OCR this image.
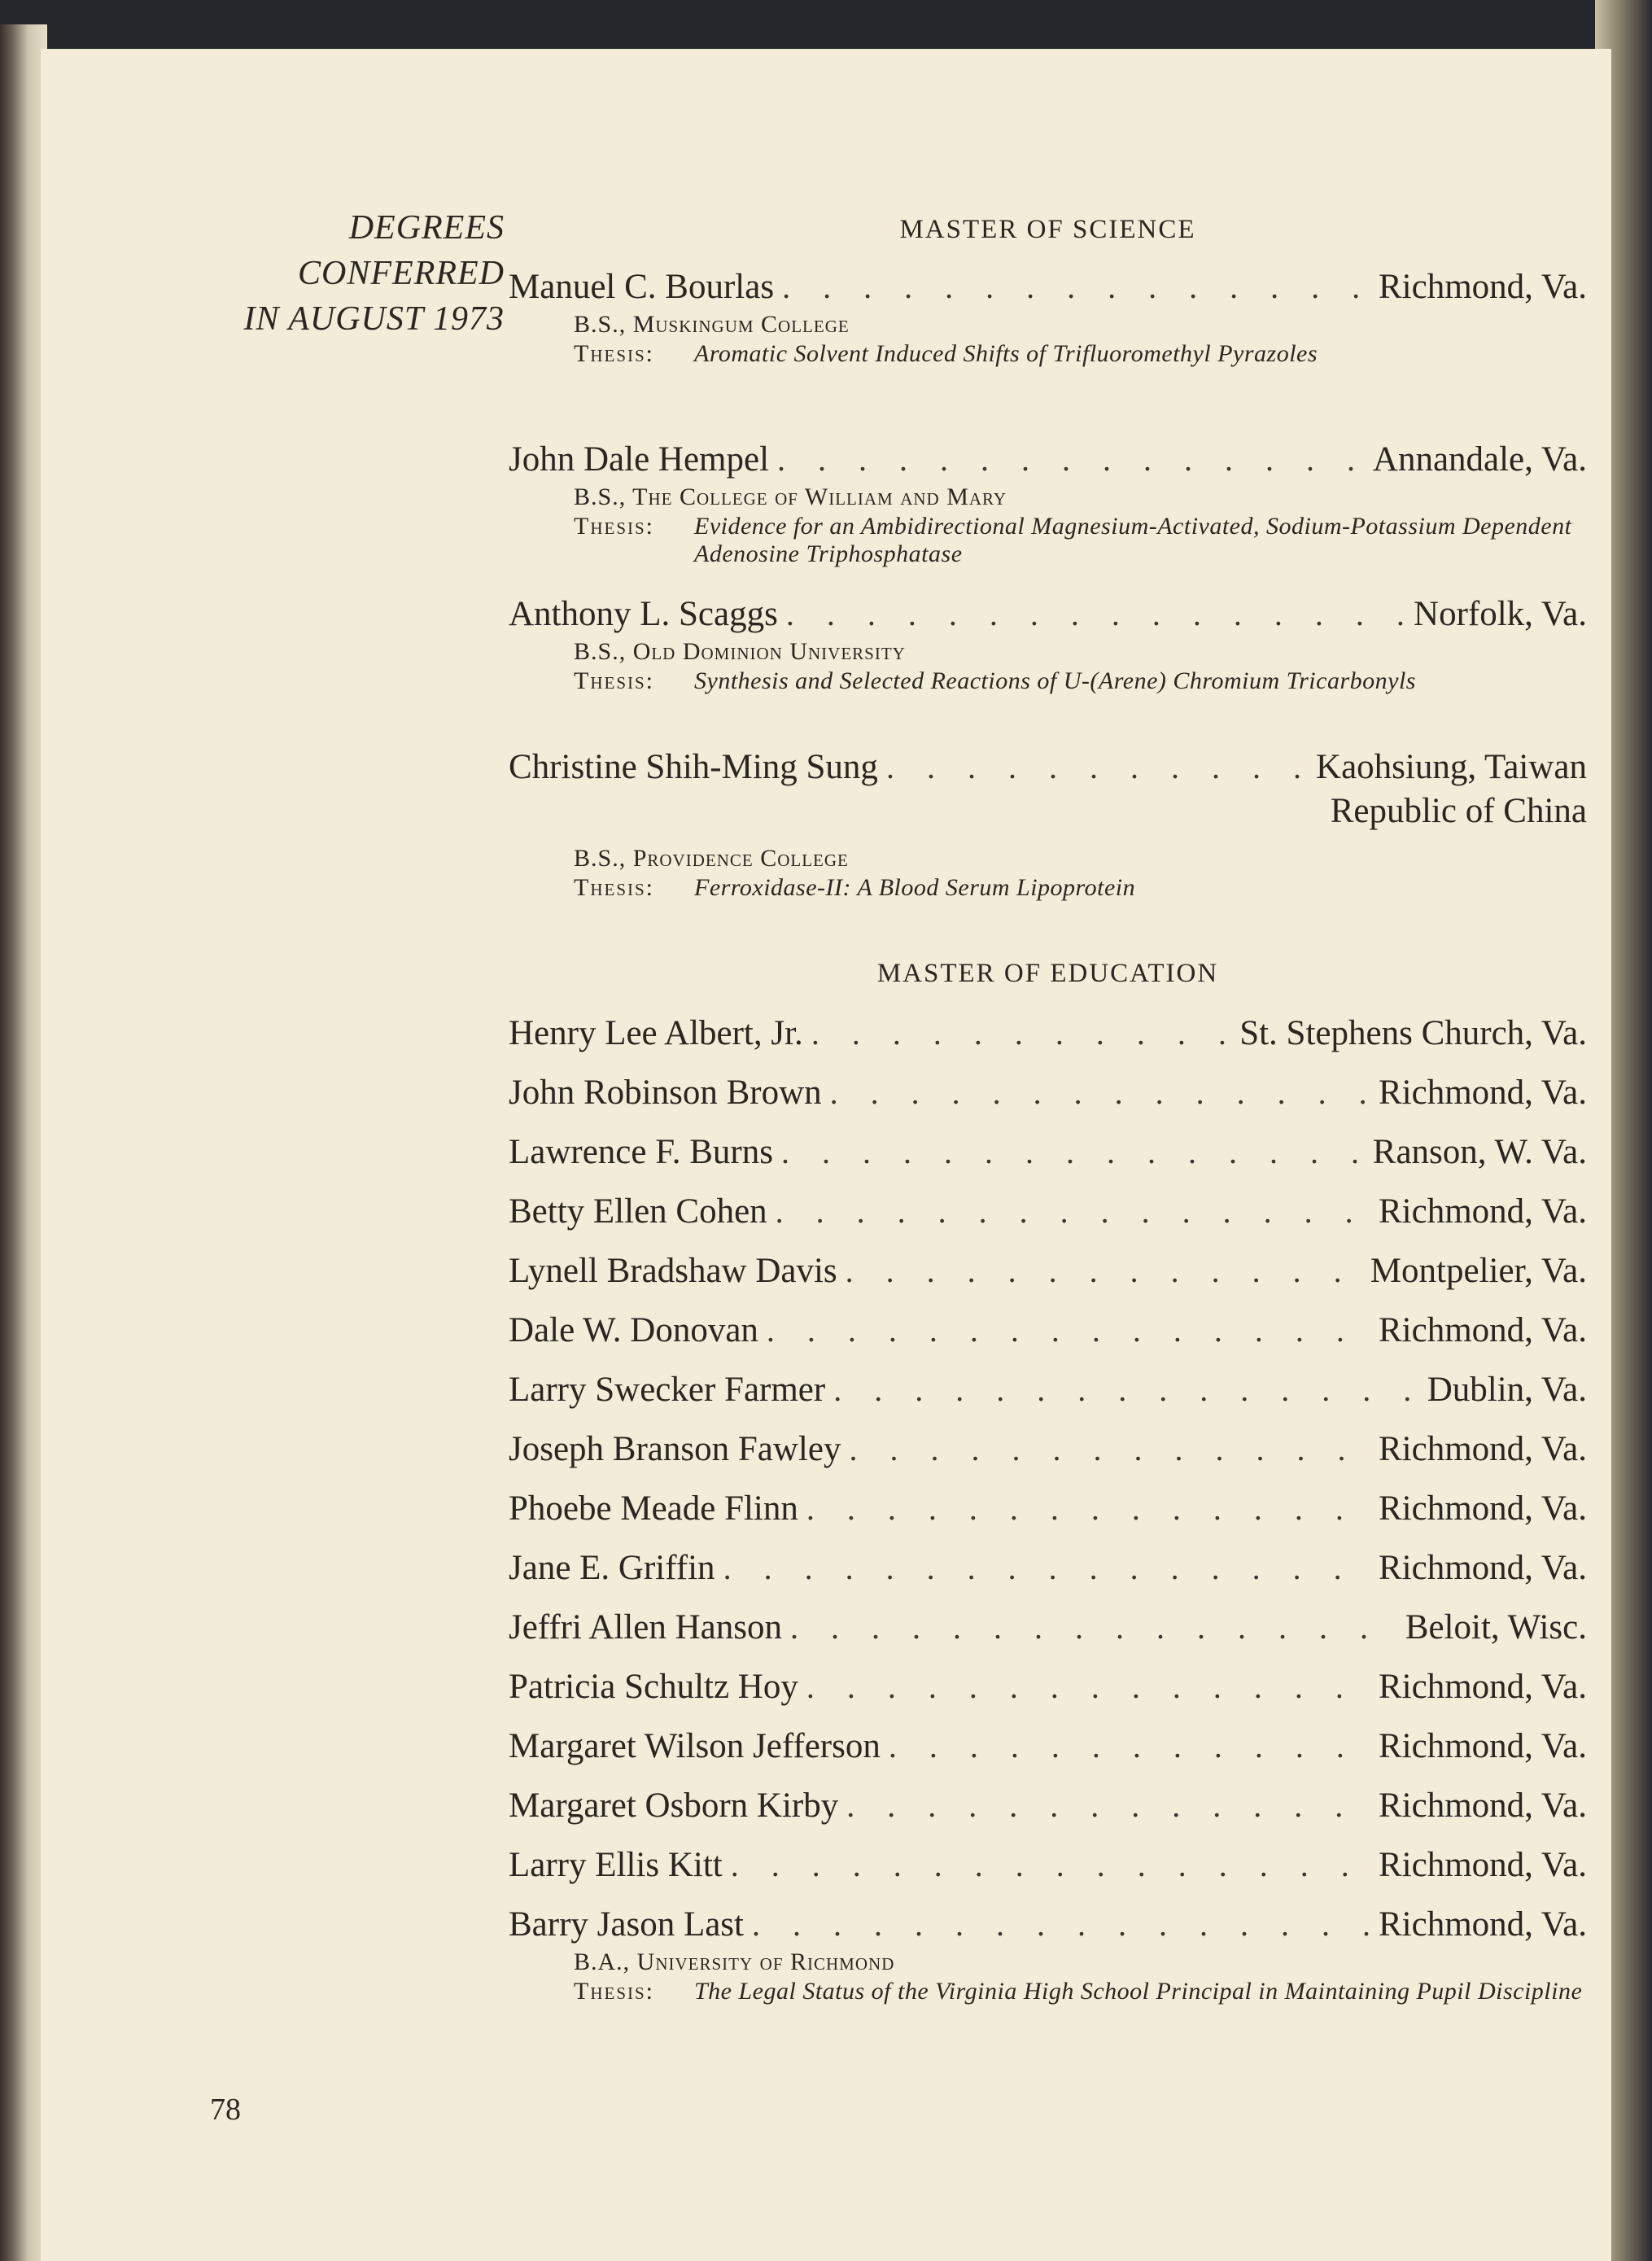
DEGREES
CONFERRED
IN AUGUST 1973
MASTER OF SCIENCE
Manuel C. Bourlas . . .	Richmond, Va.
B.S., Muskingum College
Thesis:	Aromatic Solvent Induced Shifts of Trifluoromethyl Pyrazoles
John Dale Hempel . . .	Annandale, Va.
B.S., The College of William and Mary
Thesis:	Evidence for an Ambidirectional Magnesium-Activated, Sodium-Potassium Dependent Adenosine Triphosphatase
Anthony L. Scaggs . . .	Norfolk, Va.
B.S., Old Dominion University
Thesis:	Synthesis and Selected Reactions of U-(Arene) Chromium Tricarbonyls
Christine Shih-Ming Sung . . .	Kaohsiung, Taiwan
Republic of China
B.S., Providence College
Thesis:	Ferroxidase-II: A Blood Serum Lipoprotein
MASTER OF EDUCATION
Henry Lee Albert, Jr. . . .	St. Stephens Church, Va.
John Robinson Brown . . .	Richmond, Va.
Lawrence F. Burns . . .	Ranson, W. Va.
Betty Ellen Cohen . . .	Richmond, Va.
Lynell Bradshaw Davis . . .	Montpelier, Va.
Dale W. Donovan . . .	Richmond, Va.
Larry Swecker Farmer . . .	Dublin, Va.
Joseph Branson Fawley . . .	Richmond, Va.
Phoebe Meade Flinn . . .	Richmond, Va.
Jane E. Griffin . . .	Richmond, Va.
Jeffri Allen Hanson . . .	Beloit, Wisc.
Patricia Schultz Hoy . . .	Richmond, Va.
Margaret Wilson Jefferson . . .	Richmond, Va.
Margaret Osborn Kirby . . .	Richmond, Va.
Larry Ellis Kitt . . .	Richmond, Va.
Barry Jason Last . . .	Richmond, Va.
B.A., University of Richmond
Thesis:	The Legal Status of the Virginia High School Principal in Maintaining Pupil Discipline
78
